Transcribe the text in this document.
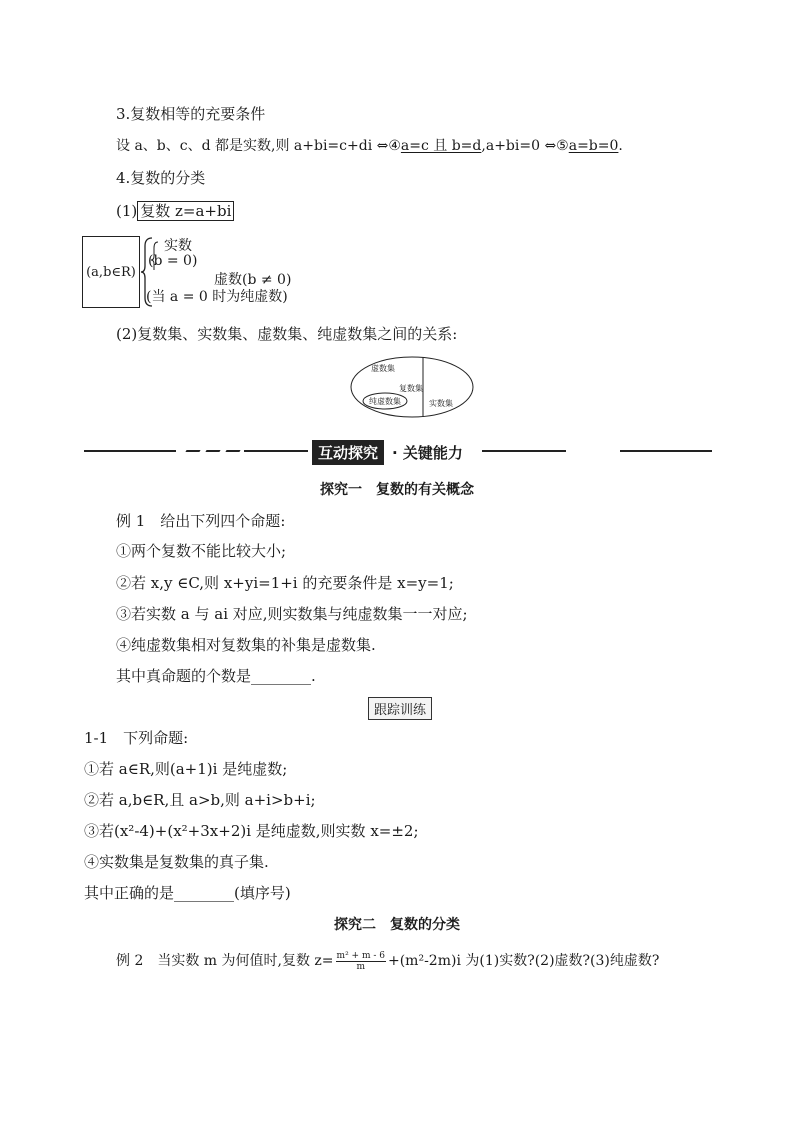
3.复数相等的充要条件
设 a、b、c、d 都是实数,则 a+bi=c+di ⇔④a=c 且 b=d,a+bi=0 ⇔⑤a=b=0.
4.复数的分类
(1) 复数 z=a+bi
(a,b∈R)
实数
(b = 0)
虚数(b ≠ 0)
(当 a = 0 时为纯虚数)
(2)复数集、实数集、虚数集、纯虚数集之间的关系:
虚数集
复数集
纯虚数集	实数集
互动探究 · 关键能力
探究一　复数的有关概念
例 1　给出下列四个命题:
①两个复数不能比较大小;
②若 x,y ∈C,则 x+yi=1+i 的充要条件是 x=y=1;
③若实数 a 与 ai 对应,则实数集与纯虚数集一一对应;
④纯虚数集相对复数集的补集是虚数集.
其中真命题的个数是________.
跟踪训练
1-1　下列命题:
①若 a∈R,则(a+1)i 是纯虚数;
②若 a,b∈R,且 a>b,则 a+i>b+i;
③若(x²-4)+(x²+3x+2)i 是纯虚数,则实数 x=±2;
④实数集是复数集的真子集.
其中正确的是________(填序号)
探究二　复数的分类
例 2　当实数 m 为何值时,复数 $z= \frac{\text{m² + m - 6}}{m} +(m^2-2m)i$ 为(1)实数?(2)虚数?(3)纯虚数?
